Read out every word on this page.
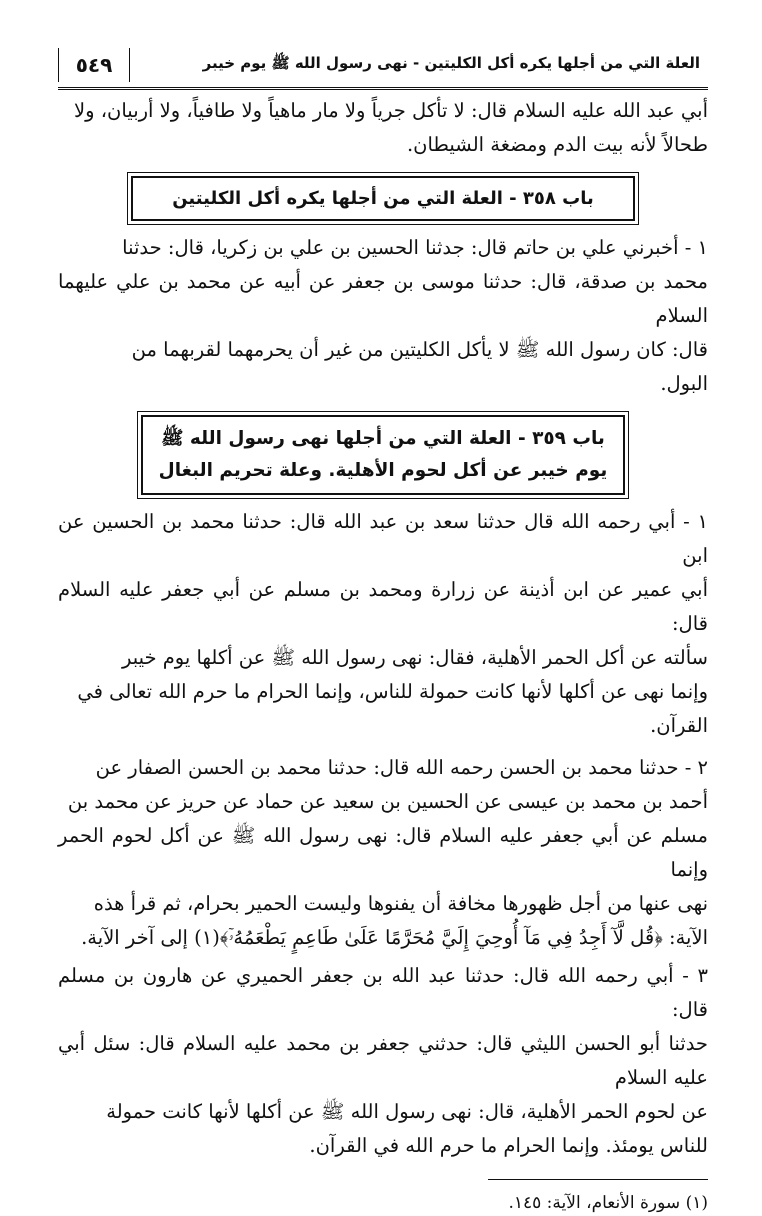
العلة التي من أجلها يكره أكل الكليتين - نهى رسول الله ﷺ يوم خيبر
٥٤٩

أبي عبد الله عليه السلام قال: لا تأكل جرياً ولا مار ماهياً ولا طافياً، ولا أربيان، ولا

طحالاً لأنه بيت الدم ومضغة الشيطان.

باب ٣٥٨ - العلة التي من أجلها يكره أكل الكليتين

١ - أخبرني علي بن حاتم قال: جدثنا الحسين بن علي بن زكريا، قال: حدثنا

محمد بن صدقة، قال: حدثنا موسى بن جعفر عن أبيه عن محمد بن علي عليهما السلام

قال: كان رسول الله ﷺ لا يأكل الكليتين من غير أن يحرمهما لقربهما من

البول.

باب ٣٥٩ - العلة التي من أجلها نهى رسول الله ﷺ
يوم خيبر عن أكل لحوم الأهلية. وعلة تحريم البغال

١ - أبي رحمه الله قال حدثنا سعد بن عبد الله قال: حدثنا محمد بن الحسين عن ابن

أبي عمير عن ابن أذينة عن زرارة ومحمد بن مسلم عن أبي جعفر عليه السلام قال:

سألته عن أكل الحمر الأهلية، فقال: نهى رسول الله ﷺ عن أكلها يوم خيبر

وإنما نهى عن أكلها لأنها كانت حمولة للناس، وإنما الحرام ما حرم الله تعالى في

القرآن.

٢ - حدثنا محمد بن الحسن رحمه الله قال: حدثنا محمد بن الحسن الصفار عن

أحمد بن محمد بن عيسى عن الحسين بن سعيد عن حماد عن حريز عن محمد بن

مسلم عن أبي جعفر عليه السلام قال: نهى رسول الله ﷺ عن أكل لحوم الحمر وإنما

نهى عنها من أجل ظهورها مخافة أن يفنوها وليست الحمير بحرام، ثم قرأ هذه

الآية: ﴿قُل لَّآ أَجِدُ فِي مَآ أُوحِيَ إِلَيَّ مُحَرَّمًا عَلَىٰ طَاعِمٍ يَطْعَمُهُۥٓ﴾(١) إلى آخر الآية.

٣ - أبي رحمه الله قال: حدثنا عبد الله بن جعفر الحميري عن هارون بن مسلم قال:

حدثنا أبو الحسن الليثي قال: حدثني جعفر بن محمد عليه السلام قال: سئل أبي عليه السلام

عن لحوم الحمر الأهلية، قال: نهى رسول الله ﷺ عن أكلها لأنها كانت حمولة

للناس يومئذ. وإنما الحرام ما حرم الله في القرآن.

(١) سورة الأنعام، الآية: ١٤٥.
